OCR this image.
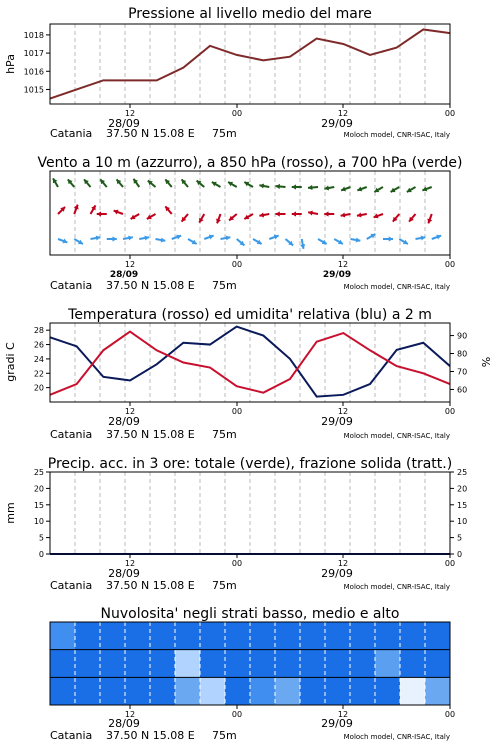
Pressione al livello medio del mare
1015
1016
1017
1018
hPa
12	00	12	00
28/09	29/09
Catania 37.50 N 15.08 E 75m	Moloch model, CNR-ISAC, Italy
Vento a 10 m (azzurro), a 850 hPa (rosso), a 700 hPa (verde)
12	00	12	00
28/09	29/09
Catania 37.50 N 15.08 E 75m	Moloch model, CNR-ISAC, Italy
Temperatura (rosso) ed umidita' relativa (blu) a 2 m
20
22
24
26
28
60
70
80
90
gradi C	%
12	00	12	00
28/09	29/09
Catania 37.50 N 15.08 E 75m	Moloch model, CNR-ISAC, Italy
Precip. acc. in 3 ore: totale (verde), frazione solida (tratt.)
0
5
10
15
20
25
0
5
10
15
20
25
mm
12	00	12	00
28/09	29/09
Catania 37.50 N 15.08 E 75m	Moloch model, CNR-ISAC, Italy
Nuvolosita' negli strati basso, medio e alto
12	00	12	00
28/09	29/09
Catania 37.50 N 15.08 E 75m	Moloch model, CNR-ISAC, Italy
